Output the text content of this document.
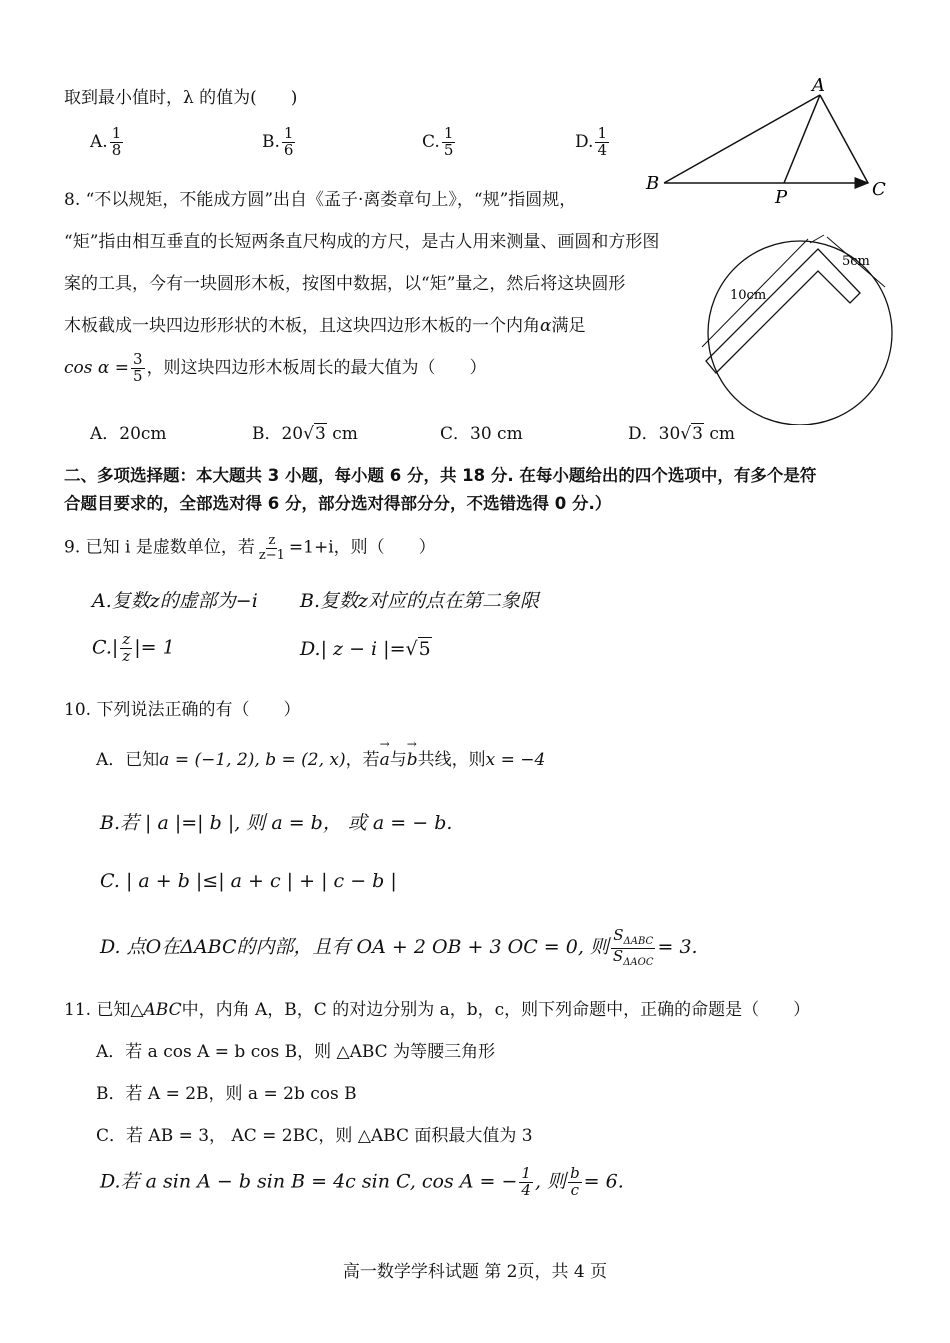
取到最小值时，λ 的值为(　　)
A. $\frac{1}{8}$	B. $\frac{1}{6}$	C. $\frac{1}{5}$	D. $\frac{1}{4}$
A
B
P	C
8. “不以规矩，不能成方圆”出自《孟子·离娄章句上》，“规”指圆规，
“矩”指由相互垂直的长短两条直尺构成的方尺，是古人用来测量、画圆和方形图
案的工具，今有一块圆形木板，按图中数据，以“矩”量之，然后将这块圆形
木板截成一块四边形形状的木板，且这块四边形木板的一个内角α满足
$\cos \alpha = \frac{3}{5}$ ，则这块四边形木板周长的最大值为（　　）
A．20cm	B．20√3 cm	C．30 cm	D．30√3 cm
10cm
5cm
二、多项选择题：本大题共 3 小题，每小题 6 分，共 18 分. 在每小题给出的四个选项中，有多个是符
合题目要求的，全部选对得 6 分，部分选对得部分分，不选错选得 0 分.）
9. 已知 i 是虚数单位，若 $\frac{z}{z-1} =1+i$，则（　　）
A.复数z的虚部为−i B.复数z对应的点在第二象限
$C.| \frac{z}{z}$ |= 1	D.| z − i |=√5
10. 下列说法正确的有（　　）
A．已知a = (−1, 2), b = (2, x)，若→ a与→ b共线，则x = −4
B.若 | a |=| b |, 则 a = b， 或 a = − b.
C. | a + b |≤| a + c | + | c − b |
D. 点O在ΔABC的内部，且有 OA + 2 OB + 3 OC = 0, 则 $\frac{S_{\Delta ABC}}{S_{\Delta AOC}} = 3$.
11. 已知△ABC中，内角 A，B，C 的对边分别为 a，b，c，则下列命题中，正确的命题是（　　）
A．若 a cos A = b cos B，则 △ABC 为等腰三角形
B．若 A = 2B，则 a = 2b cos B
C．若 AB = 3， AC = 2BC，则 △ABC 面积最大值为 3
D.若 a sin A − b sin B = 4c sin C, cos A = − $\frac{1}{4}$ , 则 $\frac{b}{c} = 6$.
高一数学学科试题 第 2页，共 4 页
